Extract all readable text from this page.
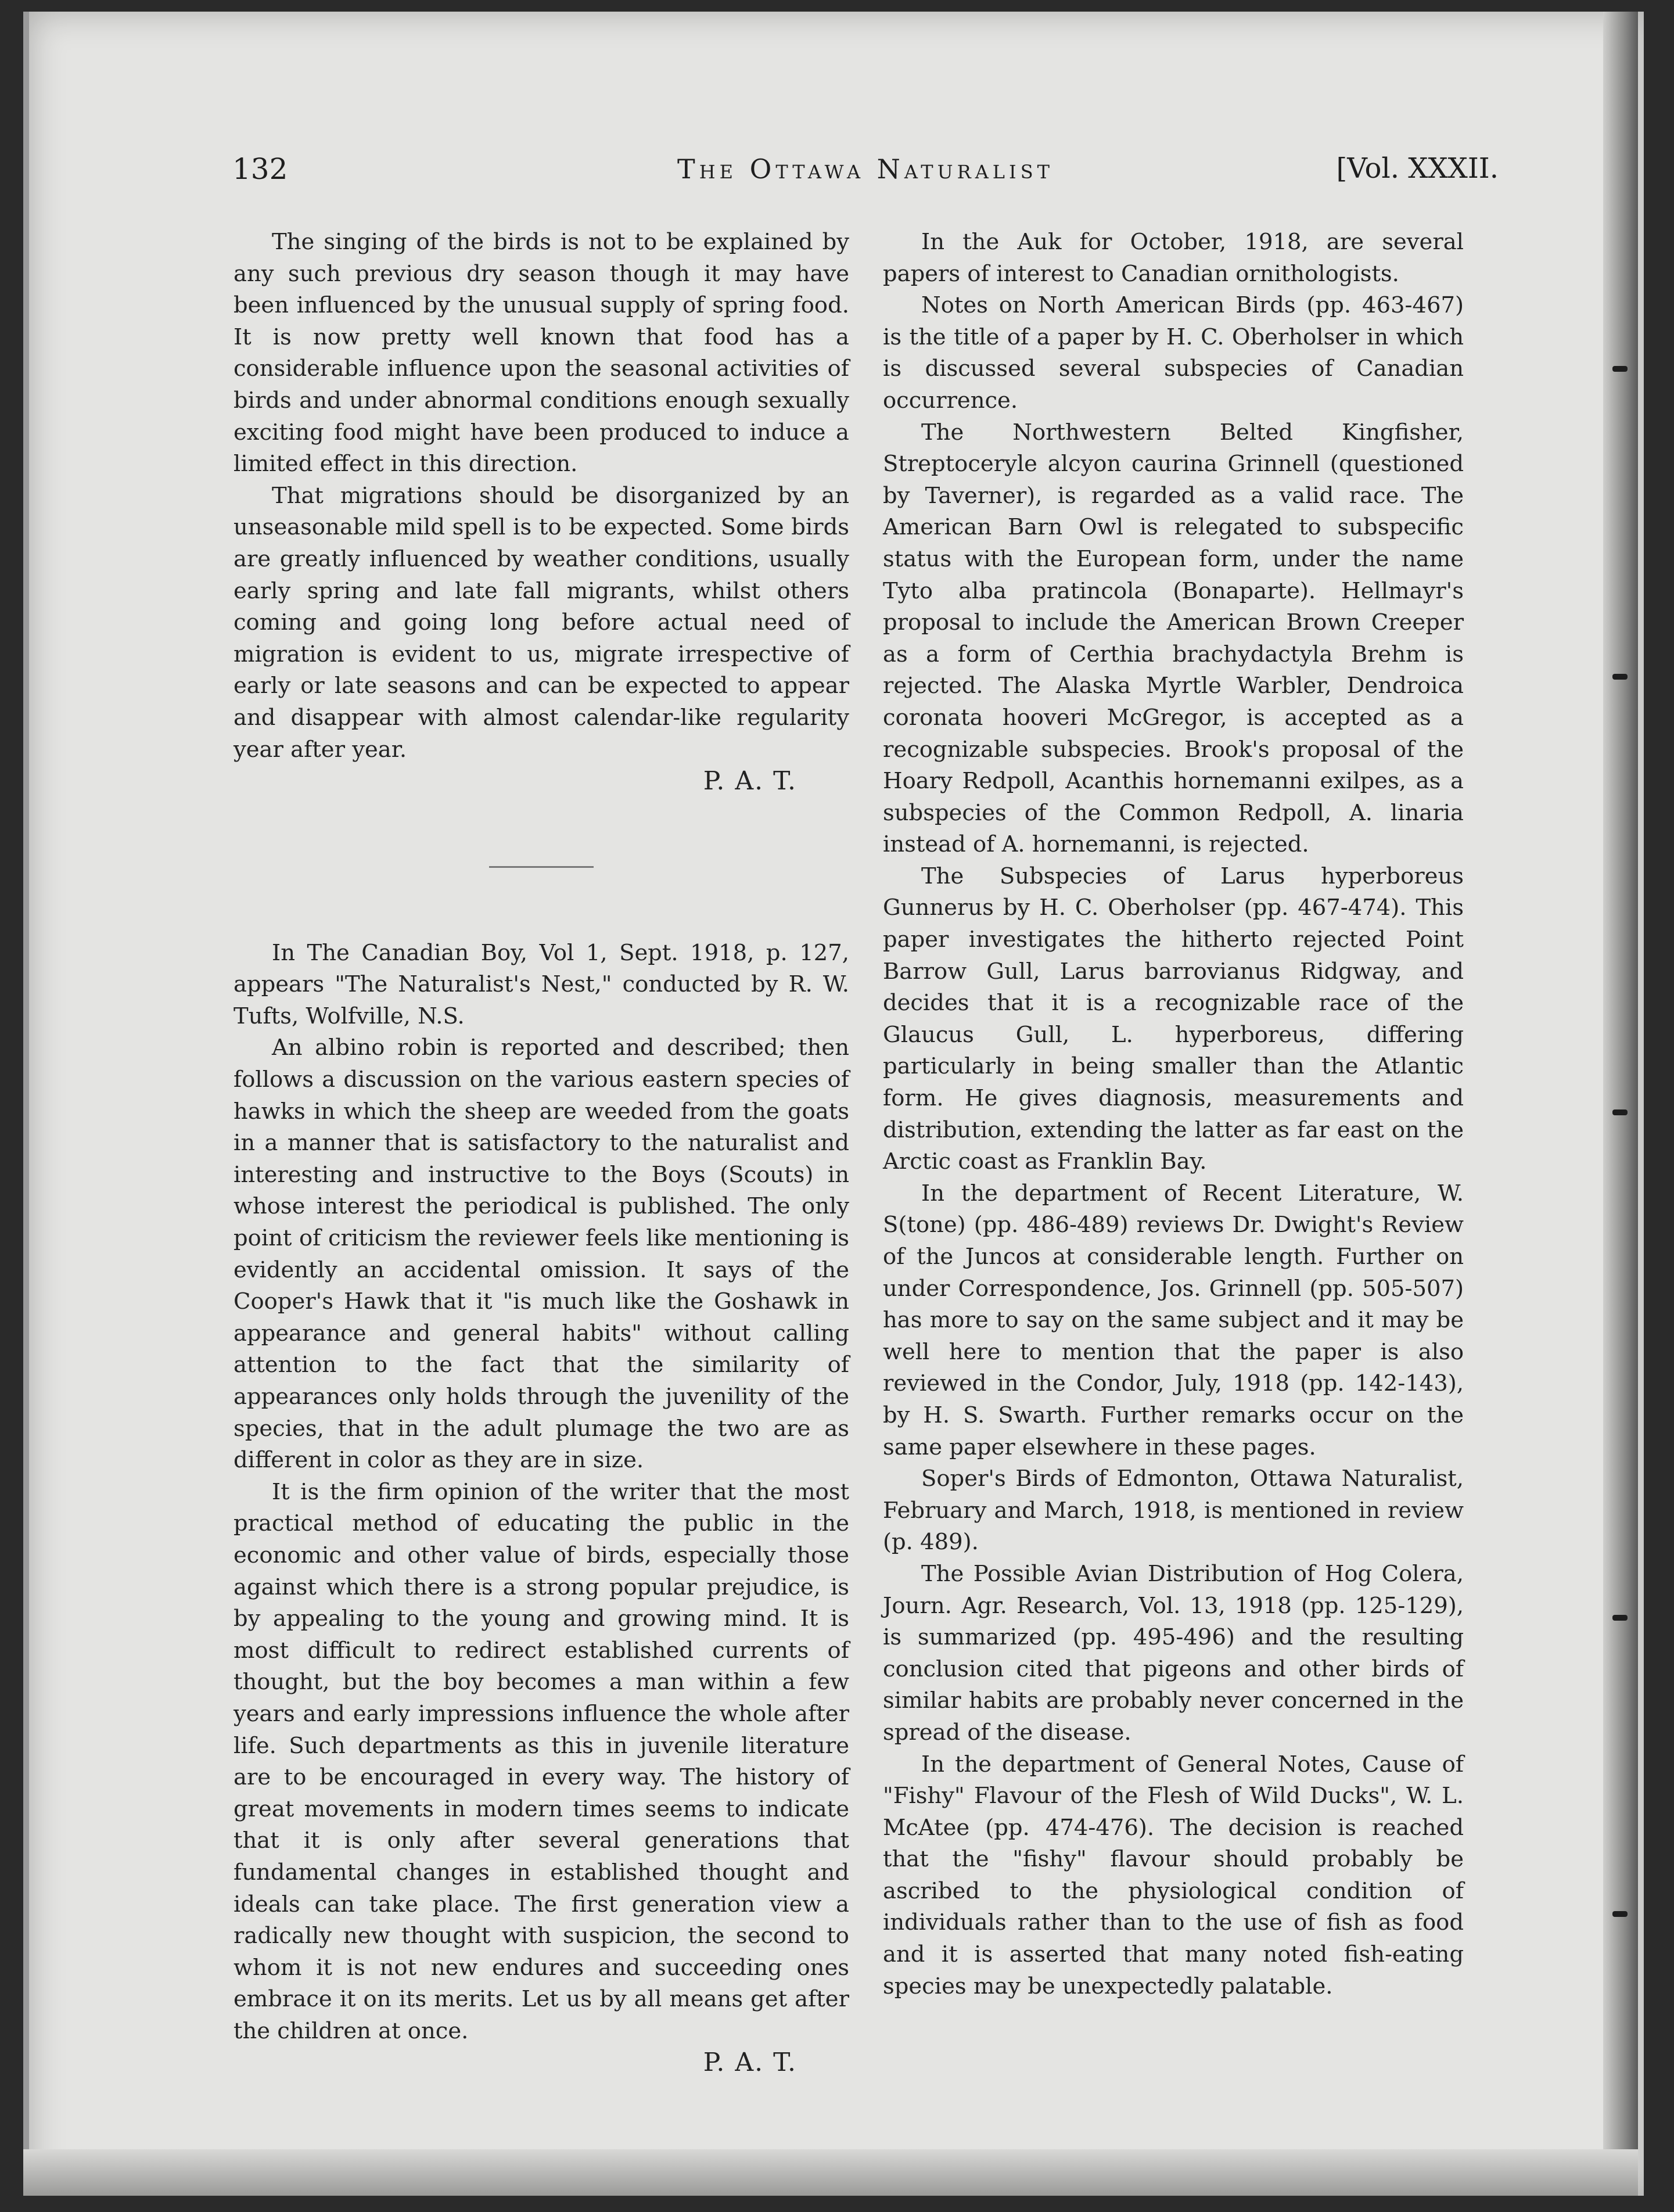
132	The Ottawa Naturalist	[Vol. XXXII.

The singing of the birds is not to be explained by any such previous dry season though it may have been influenced by the unusual supply of spring food. It is now pretty well known that food has a considerable influence upon the seasonal activities of birds and under abnormal conditions enough sexually exciting food might have been produced to induce a limited effect in this direction.

That migrations should be disorganized by an unseasonable mild spell is to be expected. Some birds are greatly influenced by weather conditions, usually early spring and late fall migrants, whilst others coming and going long before actual need of migration is evident to us, migrate irrespective of early or late seasons and can be expected to appear and disappear with almost calendar-like regularity year after year.

P. A. T.

In The Canadian Boy, Vol 1, Sept. 1918, p. 127, appears "The Naturalist's Nest," conducted by R. W. Tufts, Wolfville, N.S.

An albino robin is reported and described; then follows a discussion on the various eastern species of hawks in which the sheep are weeded from the goats in a manner that is satisfactory to the naturalist and interesting and instructive to the Boys (Scouts) in whose interest the periodical is published. The only point of criticism the reviewer feels like mentioning is evidently an accidental omission. It says of the Cooper's Hawk that it "is much like the Goshawk in appearance and general habits" without calling attention to the fact that the similarity of appearances only holds through the juvenility of the species, that in the adult plumage the two are as different in color as they are in size.

It is the firm opinion of the writer that the most practical method of educating the public in the economic and other value of birds, especially those against which there is a strong popular prejudice, is by appealing to the young and growing mind. It is most difficult to redirect established currents of thought, but the boy becomes a man within a few years and early impressions influence the whole after life. Such departments as this in juvenile literature are to be encouraged in every way. The history of great movements in modern times seems to indicate that it is only after several generations that fundamental changes in established thought and ideals can take place. The first generation view a radically new thought with suspicion, the second to whom it is not new endures and succeeding ones embrace it on its merits. Let us by all means get after the children at once.

P. A. T.

In the Auk for October, 1918, are several papers of interest to Canadian ornithologists.

Notes on North American Birds (pp. 463-467) is the title of a paper by H. C. Oberholser in which is discussed several subspecies of Canadian occurrence.

The Northwestern Belted Kingfisher, Streptoceryle alcyon caurina Grinnell (questioned by Taverner), is regarded as a valid race. The American Barn Owl is relegated to subspecific status with the European form, under the name Tyto alba pratincola (Bonaparte). Hellmayr's proposal to include the American Brown Creeper as a form of Certhia brachydactyla Brehm is rejected. The Alaska Myrtle Warbler, Dendroica coronata hooveri McGregor, is accepted as a recognizable subspecies. Brook's proposal of the Hoary Redpoll, Acanthis hornemanni exilpes, as a subspecies of the Common Redpoll, A. linaria instead of A. hornemanni, is rejected.

The Subspecies of Larus hyperboreus Gunnerus by H. C. Oberholser (pp. 467-474). This paper investigates the hitherto rejected Point Barrow Gull, Larus barrovianus Ridgway, and decides that it is a recognizable race of the Glaucus Gull, L. hyperboreus, differing particularly in being smaller than the Atlantic form. He gives diagnosis, measurements and distribution, extending the latter as far east on the Arctic coast as Franklin Bay.

In the department of Recent Literature, W. S(tone) (pp. 486-489) reviews Dr. Dwight's Review of the Juncos at considerable length. Further on under Correspondence, Jos. Grinnell (pp. 505-507) has more to say on the same subject and it may be well here to mention that the paper is also reviewed in the Condor, July, 1918 (pp. 142-143), by H. S. Swarth. Further remarks occur on the same paper elsewhere in these pages.

Soper's Birds of Edmonton, Ottawa Naturalist, February and March, 1918, is mentioned in review (p. 489).

The Possible Avian Distribution of Hog Colera, Journ. Agr. Research, Vol. 13, 1918 (pp. 125-129), is summarized (pp. 495-496) and the resulting conclusion cited that pigeons and other birds of similar habits are probably never concerned in the spread of the disease.

In the department of General Notes, Cause of "Fishy" Flavour of the Flesh of Wild Ducks", W. L. McAtee (pp. 474-476). The decision is reached that the "fishy" flavour should probably be ascribed to the physiological condition of individuals rather than to the use of fish as food and it is asserted that many noted fish-eating species may be unexpectedly palatable.
